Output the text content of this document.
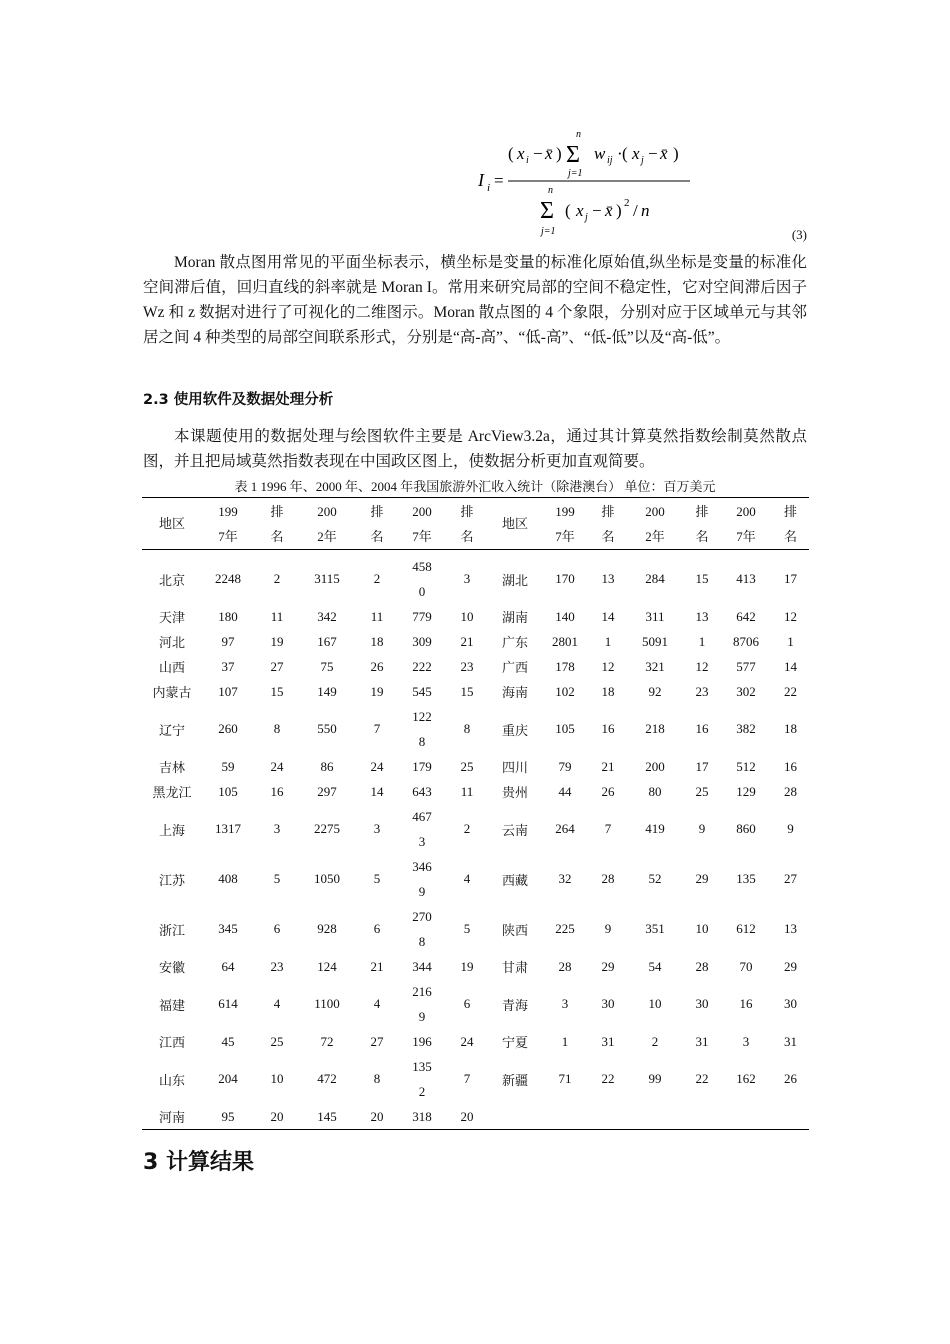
I i =
( x i − x̄ ) Σ
n
j=1
w ij · ( x j − x̄ )
Σ
n
j=1
( x j − x̄ ) 2 / n
(3)

Moran 散点图用常见的平面坐标表示，横坐标是变量的标准化原始值,纵坐标是变量的标准化空间滞后值，回归直线的斜率就是 Moran I。常用来研究局部的空间不稳定性，它对空间滞后因子 Wz 和 z 数据对进行了可视化的二维图示。Moran 散点图的 4 个象限，分别对应于区域单元与其邻居之间 4 种类型的局部空间联系形式，分别是“高-高”、“低-高”、“低-低”以及“高-低”。

2.3 使用软件及数据处理分析

本课题使用的数据处理与绘图软件主要是 ArcView3.2a，通过其计算莫然指数绘制莫然散点图，并且把局域莫然指数表现在中国政区图上，使数据分析更加直观简要。

表 1 1996 年、2000 年、2004 年我国旅游外汇收入统计（除港澳台） 单位：百万美元
地区	1997年	排名	2002年	排名	2007年	排名	地区	1997年	排名	2002年	排名	2007年	排名
北京	2248	2	3115	2	4580	3	湖北	170	13	284	15	413	17
天津	180	11	342	11	779	10	湖南	140	14	311	13	642	12
河北	97	19	167	18	309	21	广东	2801	1	5091	1	8706	1
山西	37	27	75	26	222	23	广西	178	12	321	12	577	14
内蒙古	107	15	149	19	545	15	海南	102	18	92	23	302	22
辽宁	260	8	550	7	1228	8	重庆	105	16	218	16	382	18
吉林	59	24	86	24	179	25	四川	79	21	200	17	512	16
黑龙江	105	16	297	14	643	11	贵州	44	26	80	25	129	28
上海	1317	3	2275	3	4673	2	云南	264	7	419	9	860	9
江苏	408	5	1050	5	3469	4	西藏	32	28	52	29	135	27
浙江	345	6	928	6	2708	5	陕西	225	9	351	10	612	13
安徽	64	23	124	21	344	19	甘肃	28	29	54	28	70	29
福建	614	4	1100	4	2169	6	青海	3	30	10	30	16	30
江西	45	25	72	27	196	24	宁夏	1	31	2	31	3	31
山东	204	10	472	8	1352	7	新疆	71	22	99	22	162	26
河南	95	20	145	20	318	20							
3 计算结果
